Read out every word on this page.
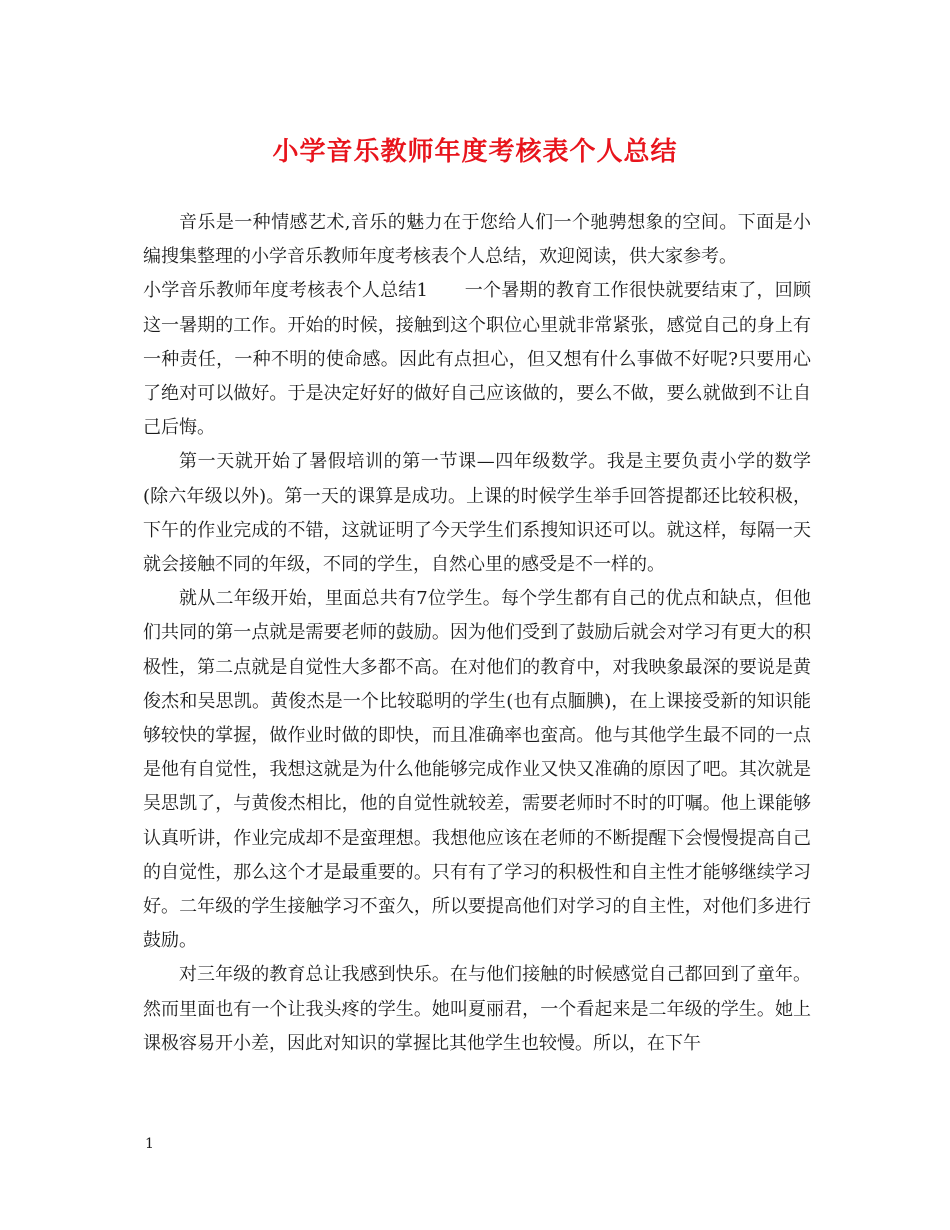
小学音乐教师年度考核表个人总结

音乐是一种情感艺术,音乐的魅力在于您给人们一个驰骋想象的空间。下面是小编搜集整理的小学音乐教师年度考核表个人总结，欢迎阅读，供大家参考。

小学音乐教师年度考核表个人总结1　　一个暑期的教育工作很快就要结束了，回顾这一暑期的工作。开始的时候，接触到这个职位心里就非常紧张，感觉自己的身上有一种责任，一种不明的使命感。因此有点担心，但又想有什么事做不好呢?只要用心了绝对可以做好。于是决定好好的做好自己应该做的，要么不做，要么就做到不让自己后悔。

第一天就开始了暑假培训的第一节课—四年级数学。我是主要负责小学的数学(除六年级以外)。第一天的课算是成功。上课的时候学生举手回答提都还比较积极，下午的作业完成的不错，这就证明了今天学生们系搜知识还可以。就这样，每隔一天就会接触不同的年级，不同的学生，自然心里的感受是不一样的。

就从二年级开始，里面总共有7位学生。每个学生都有自己的优点和缺点，但他们共同的第一点就是需要老师的鼓励。因为他们受到了鼓励后就会对学习有更大的积极性，第二点就是自觉性大多都不高。在对他们的教育中，对我映象最深的要说是黄俊杰和吴思凯。黄俊杰是一个比较聪明的学生(也有点腼腆)，在上课接受新的知识能够较快的掌握，做作业时做的即快，而且准确率也蛮高。他与其他学生最不同的一点是他有自觉性，我想这就是为什么他能够完成作业又快又准确的原因了吧。其次就是吴思凯了，与黄俊杰相比，他的自觉性就较差，需要老师时不时的叮嘱。他上课能够认真听讲，作业完成却不是蛮理想。我想他应该在老师的不断提醒下会慢慢提高自己的自觉性，那么这个才是最重要的。只有有了学习的积极性和自主性才能够继续学习好。二年级的学生接触学习不蛮久，所以要提高他们对学习的自主性，对他们多进行鼓励。

对三年级的教育总让我感到快乐。在与他们接触的时候感觉自己都回到了童年。然而里面也有一个让我头疼的学生。她叫夏丽君，一个看起来是二年级的学生。她上课极容易开小差，因此对知识的掌握比其他学生也较慢。所以，在下午

1
